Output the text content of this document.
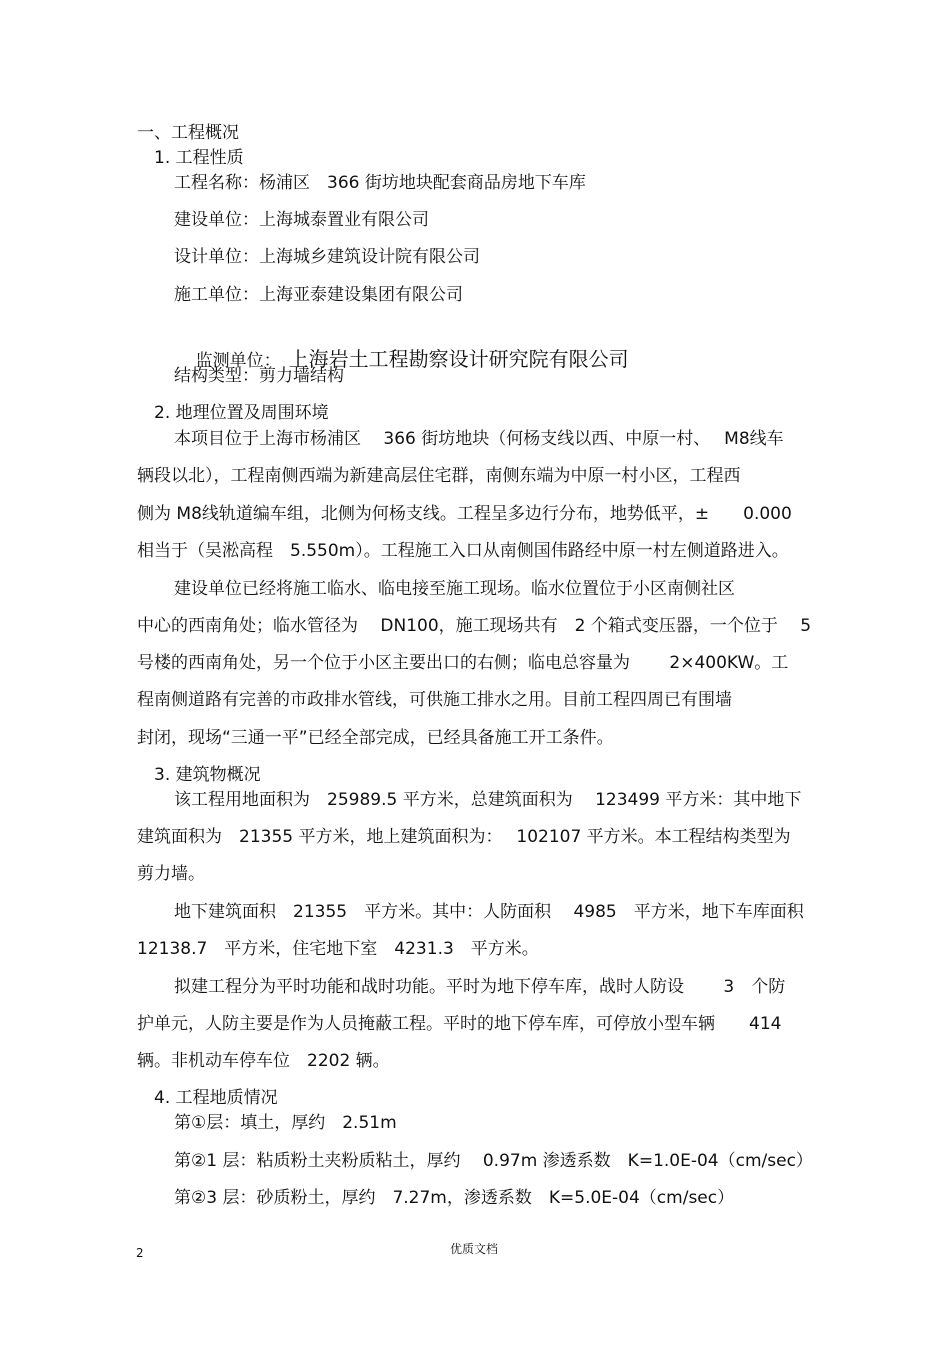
一、工程概况
1. 工程性质
工程名称：杨浦区　366 街坊地块配套商品房地下车库
建设单位：上海城泰置业有限公司
设计单位：上海城乡建筑设计院有限公司
施工单位：上海亚泰建设集团有限公司

监测单位： 上海岩土工程勘察设计研究院有限公司

结构类型：剪力墙结构
2. 地理位置及周围环境
本项目位于上海市杨浦区　 366 街坊地块（何杨支线以西、中原一村、　 M8线车
辆段以北），工程南侧西端为新建高层住宅群，南侧东端为中原一村小区，工程西
侧为 M8线轨道编车组，北侧为何杨支线。工程呈多边行分布，地势低平，±　　0.000
相当于（吴淞高程　5.550m）。工程施工入口从南侧国伟路经中原一村左侧道路进入。
建设单位已经将施工临水、临电接至施工现场。临水位置位于小区南侧社区
中心的西南角处；临水管径为　 DN100，施工现场共有　2 个箱式变压器，一个位于　 5
号楼的西南角处，另一个位于小区主要出口的右侧；临电总容量为　　 2×400KW。工
程南侧道路有完善的市政排水管线，可供施工排水之用。目前工程四周已有围墙
封闭，现场“三通一平”已经全部完成，已经具备施工开工条件。
3. 建筑物概况
该工程用地面积为　25989.5 平方米，总建筑面积为　 123499 平方米：其中地下
建筑面积为　21355 平方米，地上建筑面积为：　 102107 平方米。本工程结构类型为
剪力墙。
地下建筑面积　21355　平方米。其中：人防面积　 4985　平方米，地下车库面积
12138.7　平方米，住宅地下室　4231.3　平方米。
拟建工程分为平时功能和战时功能。平时为地下停车库，战时人防设　　 3　个防
护单元，人防主要是作为人员掩蔽工程。平时的地下停车库，可停放小型车辆　　414
辆。非机动车停车位　2202 辆。
4. 工程地质情况
第①层：填土，厚约　2.51m
第②1 层：粘质粉土夹粉质粘土，厚约　 0.97m 渗透系数　K=1.0E-04（cm/sec）
第②3 层：砂质粉土，厚约　7.27m，渗透系数　K=5.0E-04（cm/sec）
2	优质文档
